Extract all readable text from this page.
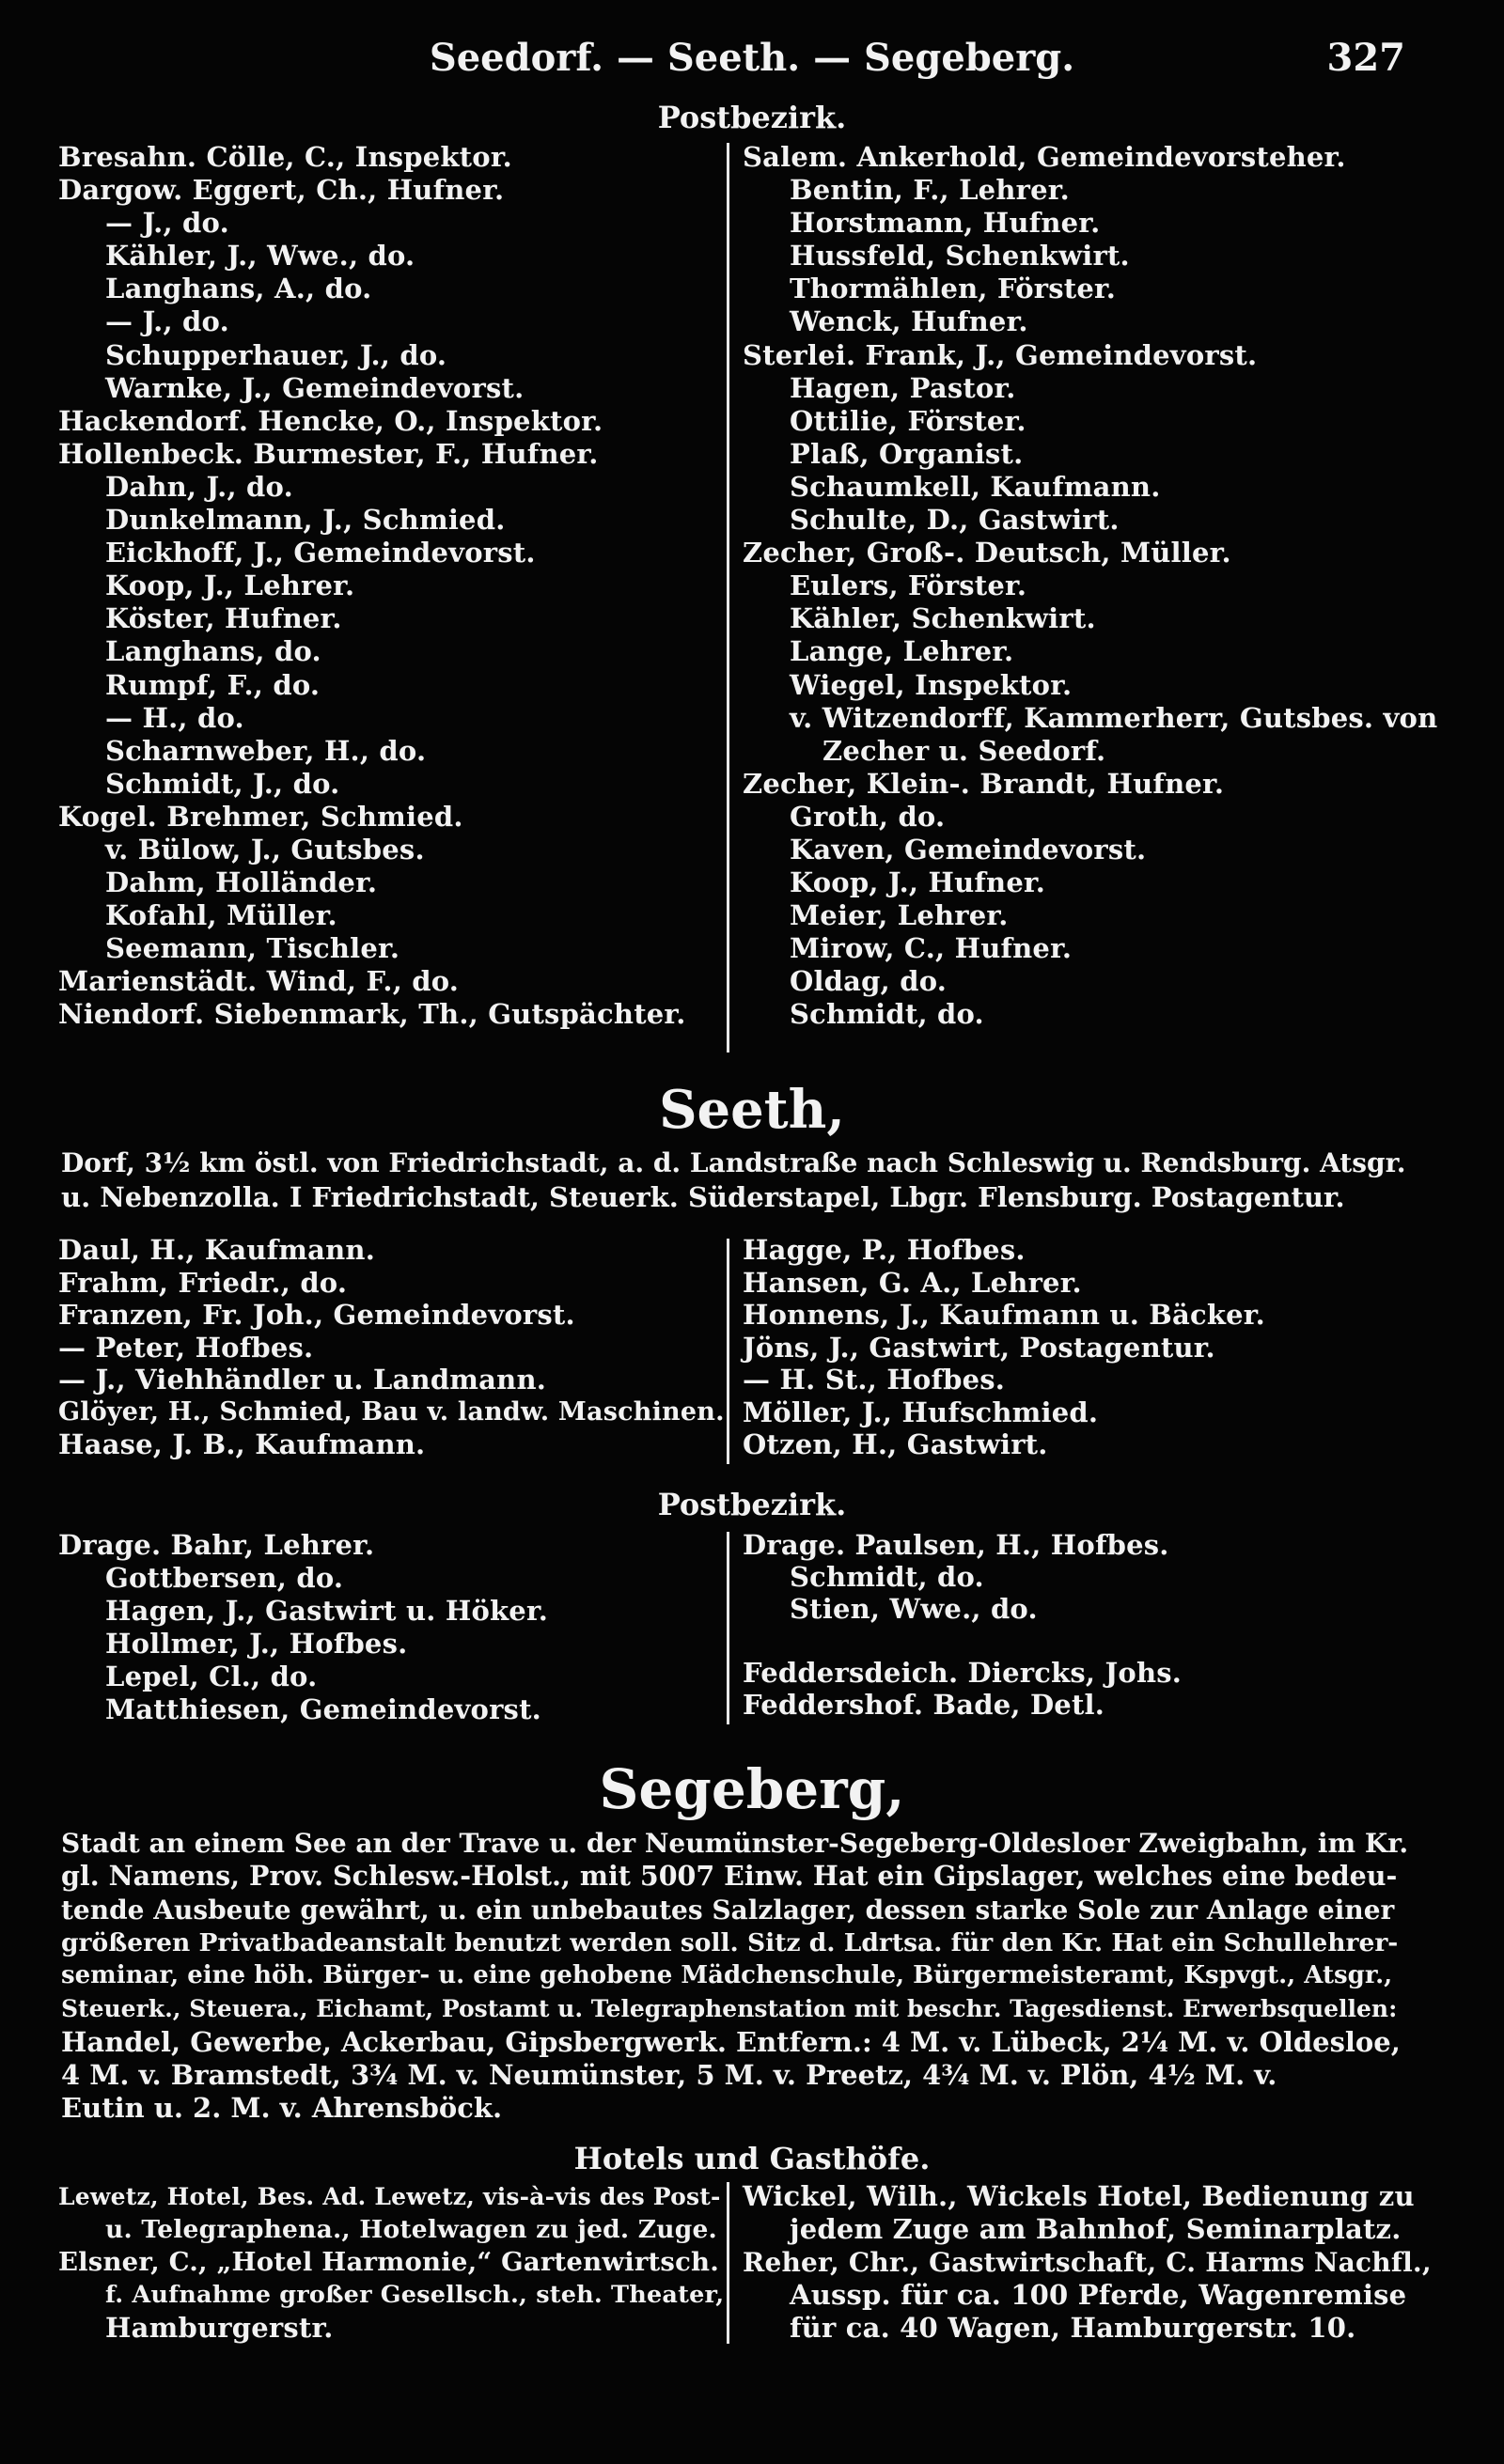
Seedorf. — Seeth. — Segeberg.	327
Postbezirk.
Bresahn. Cölle, C., Inspektor.
Dargow. Eggert, Ch., Hufner.
— J., do.
Kähler, J., Wwe., do.
Langhans, A., do.
— J., do.
Schupperhauer, J., do.
Warnke, J., Gemeindevorst.
Hackendorf. Hencke, O., Inspektor.
Hollenbeck. Burmester, F., Hufner.
Dahn, J., do.
Dunkelmann, J., Schmied.
Eickhoff, J., Gemeindevorst.
Koop, J., Lehrer.
Köster, Hufner.
Langhans, do.
Rumpf, F., do.
— H., do.
Scharnweber, H., do.
Schmidt, J., do.
Kogel. Brehmer, Schmied.
v. Bülow, J., Gutsbes.
Dahm, Holländer.
Kofahl, Müller.
Seemann, Tischler.
Marienstädt. Wind, F., do.
Niendorf. Siebenmark, Th., Gutspächter.
Salem. Ankerhold, Gemeindevorsteher.
Bentin, F., Lehrer.
Horstmann, Hufner.
Hussfeld, Schenkwirt.
Thormählen, Förster.
Wenck, Hufner.
Sterlei. Frank, J., Gemeindevorst.
Hagen, Pastor.
Ottilie, Förster.
Plaß, Organist.
Schaumkell, Kaufmann.
Schulte, D., Gastwirt.
Zecher, Groß-. Deutsch, Müller.
Eulers, Förster.
Kähler, Schenkwirt.
Lange, Lehrer.
Wiegel, Inspektor.
v. Witzendorff, Kammerherr, Gutsbes. von
Zecher u. Seedorf.
Zecher, Klein-. Brandt, Hufner.
Groth, do.
Kaven, Gemeindevorst.
Koop, J., Hufner.
Meier, Lehrer.
Mirow, C., Hufner.
Oldag, do.
Schmidt, do.
Seeth,
Dorf, 3½ km östl. von Friedrichstadt, a. d. Landstraße nach Schleswig u. Rendsburg. Atsgr.
u. Nebenzolla. I Friedrichstadt, Steuerk. Süderstapel, Lbgr. Flensburg. Postagentur.
Daul, H., Kaufmann.
Frahm, Friedr., do.
Franzen, Fr. Joh., Gemeindevorst.
— Peter, Hofbes.
— J., Viehhändler u. Landmann.
Glöyer, H., Schmied, Bau v. landw. Maschinen.
Haase, J. B., Kaufmann.
Hagge, P., Hofbes.
Hansen, G. A., Lehrer.
Honnens, J., Kaufmann u. Bäcker.
Jöns, J., Gastwirt, Postagentur.
— H. St., Hofbes.
Möller, J., Hufschmied.
Otzen, H., Gastwirt.
Postbezirk.
Drage. Bahr, Lehrer.
Gottbersen, do.
Hagen, J., Gastwirt u. Höker.
Hollmer, J., Hofbes.
Lepel, Cl., do.
Matthiesen, Gemeindevorst.
Drage. Paulsen, H., Hofbes.
Schmidt, do.
Stien, Wwe., do.
Feddersdeich. Diercks, Johs.
Feddershof. Bade, Detl.
Segeberg,
Stadt an einem See an der Trave u. der Neumünster-Segeberg-Oldesloer Zweigbahn, im Kr.
gl. Namens, Prov. Schlesw.-Holst., mit 5007 Einw. Hat ein Gipslager, welches eine bedeu-
tende Ausbeute gewährt, u. ein unbebautes Salzlager, dessen starke Sole zur Anlage einer
größeren Privatbadeanstalt benutzt werden soll. Sitz d. Ldrtsa. für den Kr. Hat ein Schullehrer-
seminar, eine höh. Bürger- u. eine gehobene Mädchenschule, Bürgermeisteramt, Kspvgt., Atsgr.,
Steuerk., Steuera., Eichamt, Postamt u. Telegraphenstation mit beschr. Tagesdienst. Erwerbsquellen:
Handel, Gewerbe, Ackerbau, Gipsbergwerk. Entfern.: 4 M. v. Lübeck, 2¼ M. v. Oldesloe,
4 M. v. Bramstedt, 3¾ M. v. Neumünster, 5 M. v. Preetz, 4¾ M. v. Plön, 4½ M. v.
Eutin u. 2. M. v. Ahrensböck.
Hotels und Gasthöfe.
Lewetz, Hotel, Bes. Ad. Lewetz, vis-à-vis des Post-
u. Telegraphena., Hotelwagen zu jed. Zuge.
Elsner, C., „Hotel Harmonie,“ Gartenwirtsch.
f. Aufnahme großer Gesellsch., steh. Theater,
Hamburgerstr.
Wickel, Wilh., Wickels Hotel, Bedienung zu
jedem Zuge am Bahnhof, Seminarplatz.
Reher, Chr., Gastwirtschaft, C. Harms Nachfl.,
Aussp. für ca. 100 Pferde, Wagenremise
für ca. 40 Wagen, Hamburgerstr. 10.
